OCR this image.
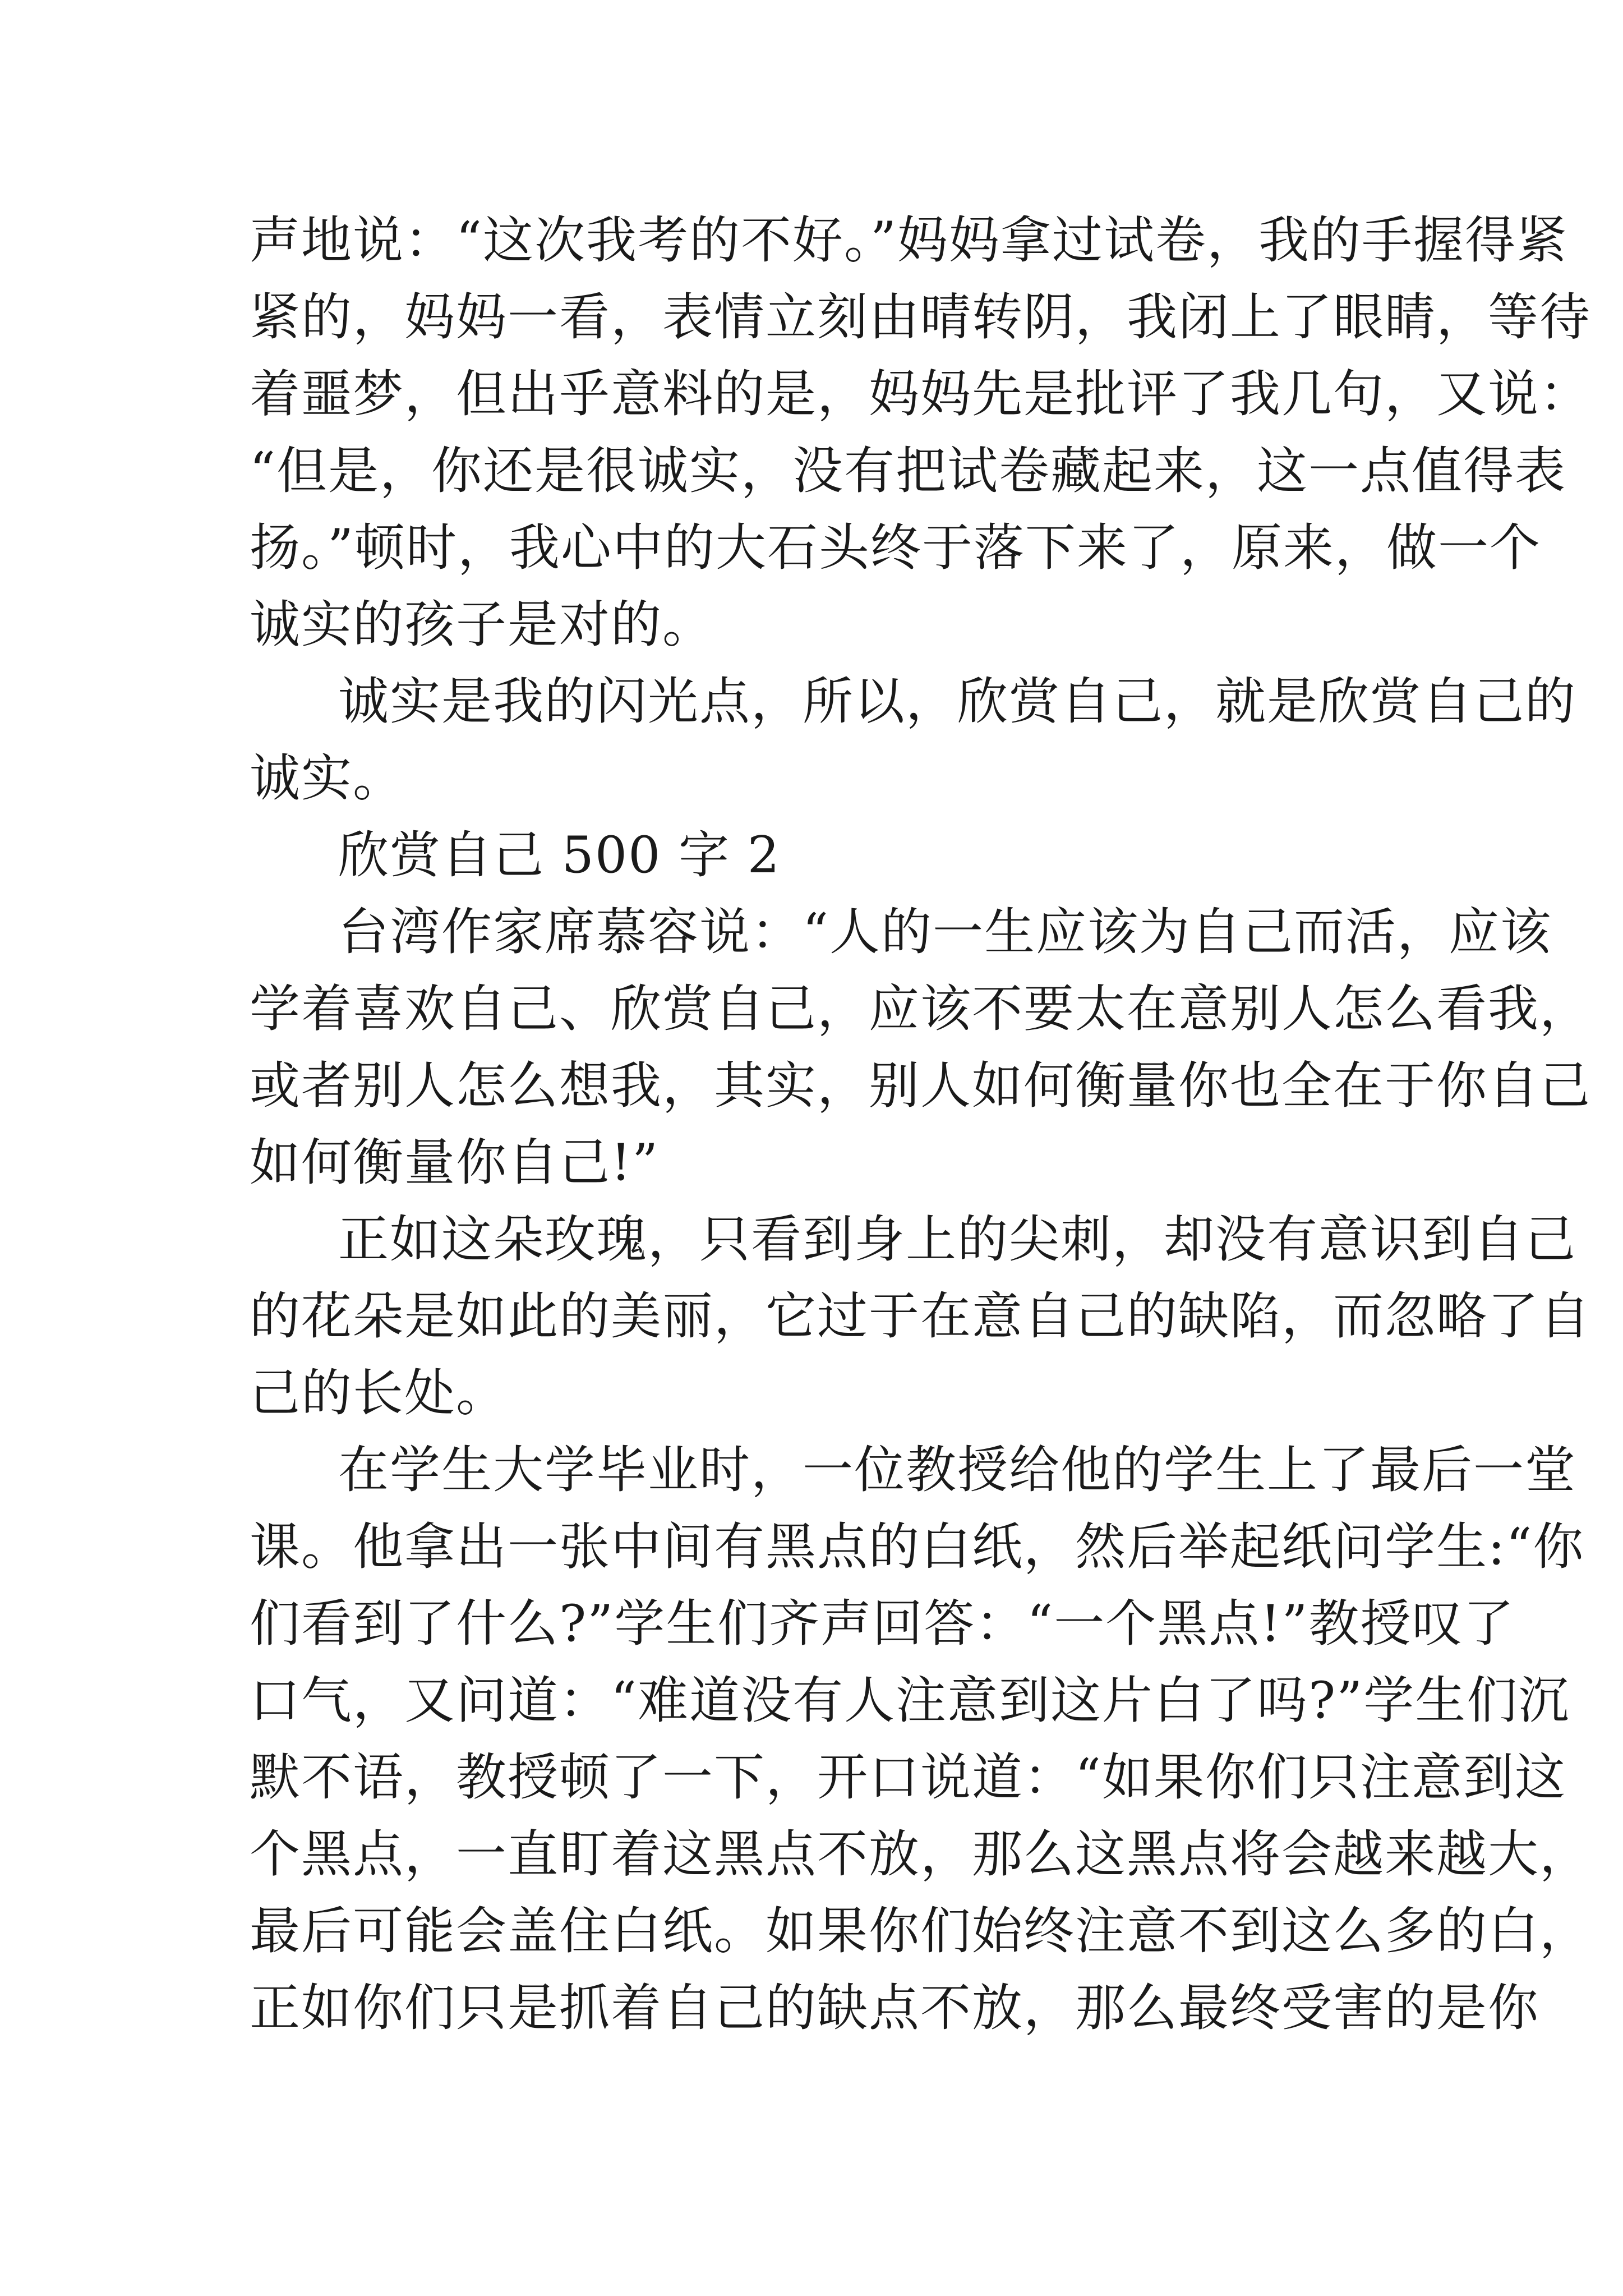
声地说：“这次我考的不好。”妈妈拿过试卷，我的手握得紧
紧的，妈妈一看，表情立刻由晴转阴，我闭上了眼睛，等待
着噩梦，但出乎意料的是，妈妈先是批评了我几句，又说：
“但是，你还是很诚实，没有把试卷藏起来，这一点值得表
扬。”顿时，我心中的大石头终于落下来了，原来，做一个
诚实的孩子是对的。
诚实是我的闪光点，所以，欣赏自己，就是欣赏自己的
诚实。
欣赏自己 500 字 2
台湾作家席慕容说：“人的一生应该为自己而活，应该
学着喜欢自己、欣赏自己，应该不要太在意别人怎么看我，
或者别人怎么想我，其实，别人如何衡量你也全在于你自己
如何衡量你自己!”
正如这朵玫瑰，只看到身上的尖刺，却没有意识到自己
的花朵是如此的美丽，它过于在意自己的缺陷，而忽略了自
己的长处。
在学生大学毕业时，一位教授给他的学生上了最后一堂
课。他拿出一张中间有黑点的白纸，然后举起纸问学生:“你
们看到了什么?”学生们齐声回答：“一个黑点!”教授叹了
口气，又问道：“难道没有人注意到这片白了吗?”学生们沉
默不语，教授顿了一下，开口说道：“如果你们只注意到这
个黑点，一直盯着这黑点不放，那么这黑点将会越来越大，
最后可能会盖住白纸。如果你们始终注意不到这么多的白，
正如你们只是抓着自己的缺点不放，那么最终受害的是你
